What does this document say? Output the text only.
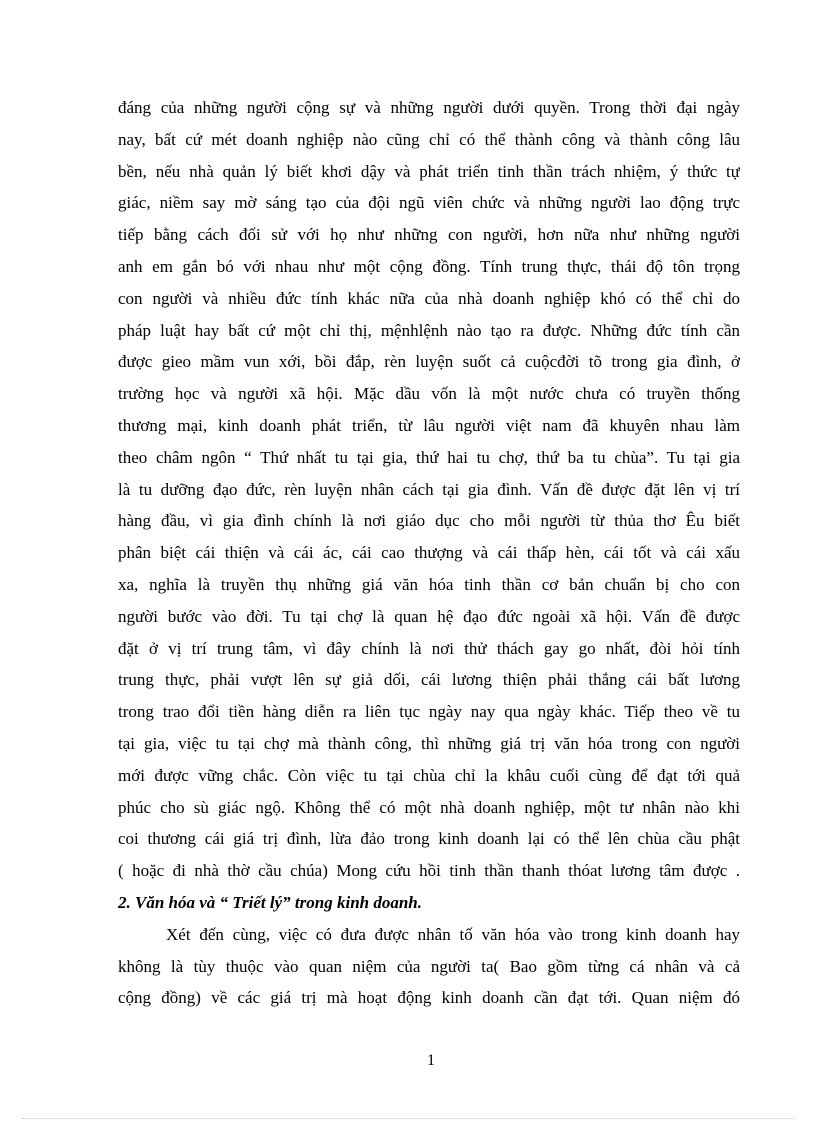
đáng của những người cộng sự và những người dưới quyền. Trong thời đại ngày
nay, bất cứ mét doanh nghiệp nào cũng chỉ có thể thành công và thành công lâu
bền, nếu nhà quản lý biết khơi dậy và phát triển tinh thần trách nhiệm, ý thức tự
giác, niềm say mờ sáng tạo của đội ngũ viên chức và những người lao động trực
tiếp bằng cách đối sử với họ như những con người, hơn nữa như những người
anh em gắn bó với nhau như một cộng đồng. Tính trung thực, thái độ tôn trọng
con người và nhiều đức tính khác nữa của nhà doanh nghiệp khó có thể chỉ do
pháp luật hay bất cứ một chỉ thị, mệnhlệnh nào tạo ra được. Những đức tính cần
được gieo mầm vun xới, bồi đắp, rèn luyện suốt cả cuộcđời tõ trong gia đình, ở
trường học và người xã hội. Mặc dầu vốn là một nước chưa có truyền thống
thương mại, kinh doanh phát triển, từ lâu người việt nam đã khuyên nhau làm
theo châm ngôn “ Thứ nhất tu tại gia, thứ hai tu chợ, thứ ba tu chùa”. Tu tại gia
là tu dưỡng đạo đức, rèn luyện nhân cách tại gia đình. Vấn đề được đặt lên vị trí
hàng đầu, vì gia đình chính là nơi giáo dục cho mỗi người từ thủa thơ Êu biết
phân biệt cái thiện và cái ác, cái cao thượng và cái thấp hèn, cái tốt và cái xấu
xa, nghĩa là truyền thụ những giá văn hóa tinh thần cơ bản chuẩn bị cho con
người bước vào đời. Tu tại chợ là quan hệ đạo đức ngoài xã hội. Vấn đề được
đặt ở vị trí trung tâm, vì đây chính là nơi thử thách gay go nhất, đòi hỏi tính
trung thực, phải vượt lên sự giả dối, cái lương thiện phải thắng cái bất lương
trong trao đổi tiền hàng diễn ra liên tục ngày nay qua ngày khác. Tiếp theo về tu
tại gia, việc tu tại chợ mà thành công, thì những giá trị văn hóa trong con người
mới được vững chắc. Còn việc tu tại chùa chỉ la khâu cuối cùng để đạt tới quả
phúc cho sù giác ngộ. Không thể có một nhà doanh nghiệp, một tư nhân nào khi
coi thương cái giá trị đình, lừa đảo trong kinh doanh lại có thể lên chùa cầu phật
( hoặc đi nhà thờ cầu chúa) Mong cứu hồi tinh thần thanh thóat lương tâm được .
2. Văn hóa và “ Triết lý” trong kinh doanh.
Xét đến cùng, việc có đưa được nhân tố văn hóa vào trong kinh doanh hay
không là tùy thuộc vào quan niệm của người ta( Bao gồm từng cá nhân và cả
cộng đồng) về các giá trị mà hoạt động kinh doanh cần đạt tới. Quan niệm đó
1
